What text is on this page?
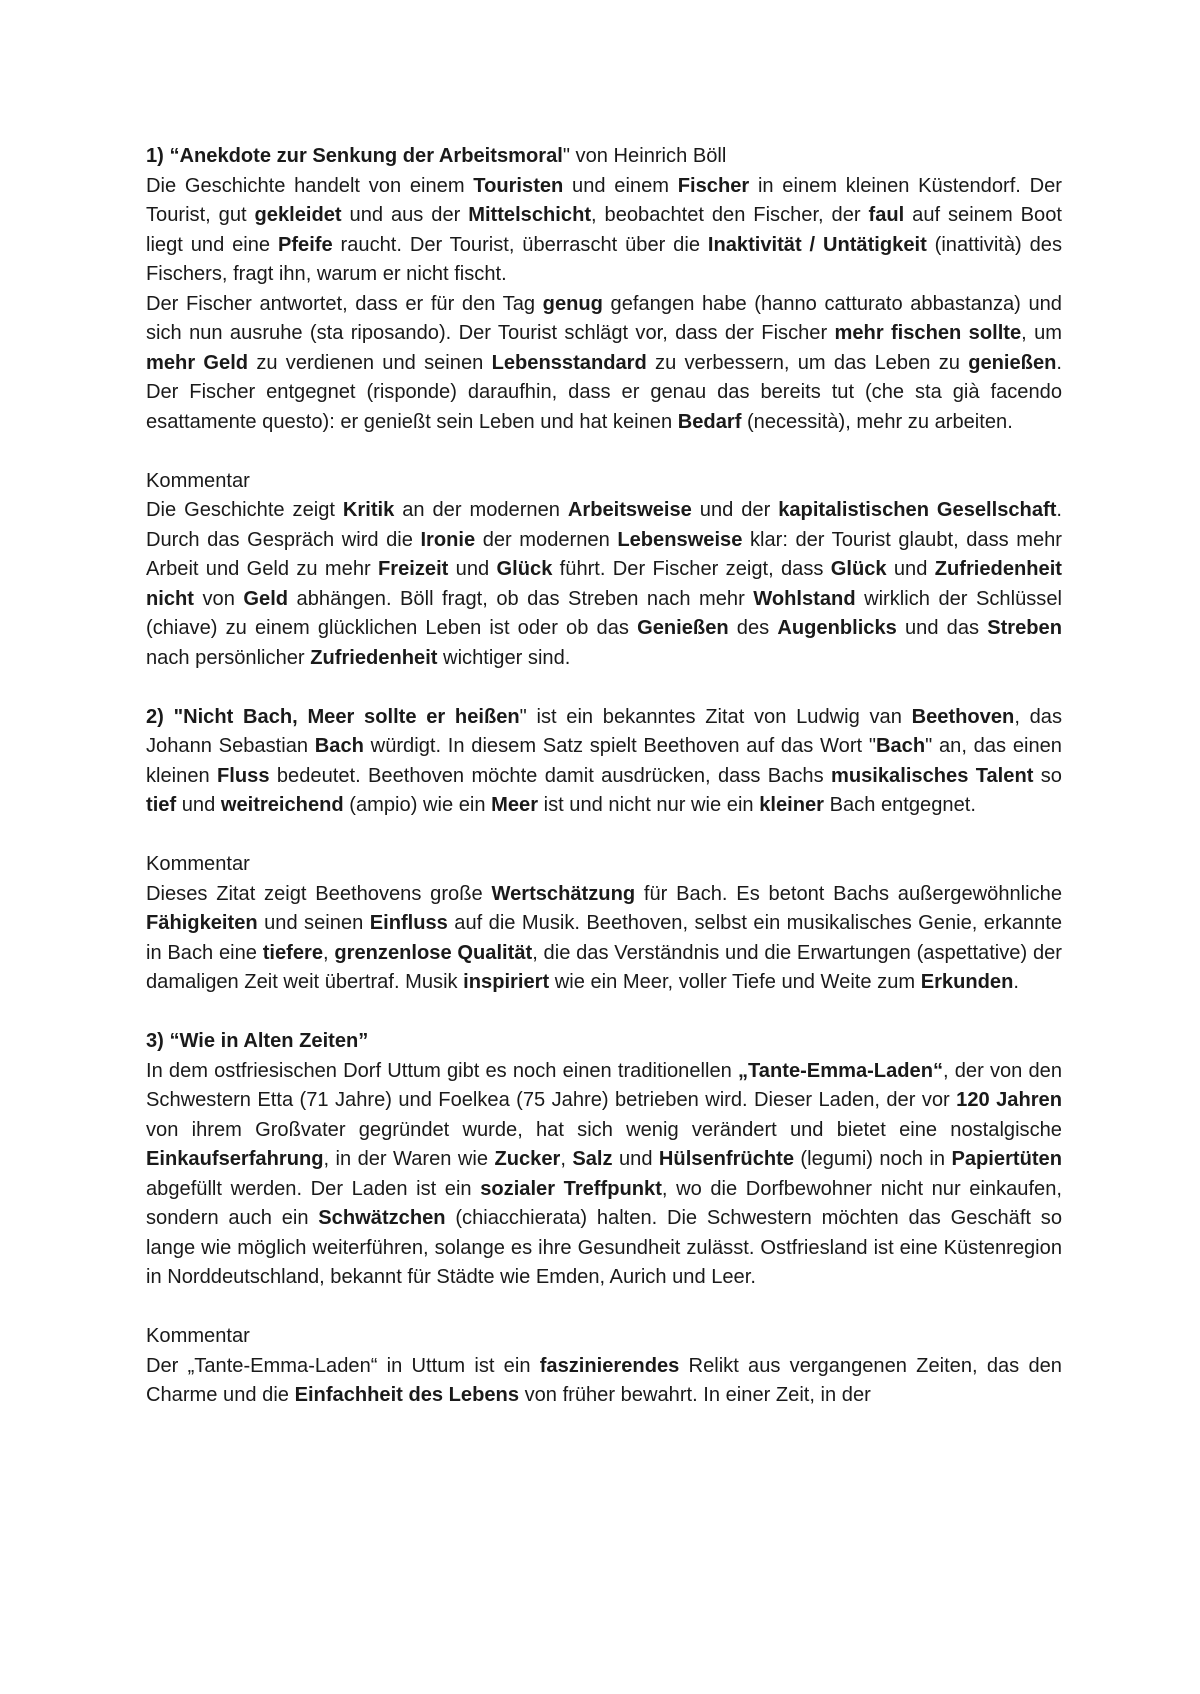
1) “Anekdote zur Senkung der Arbeitsmoral" von Heinrich Böll

Die Geschichte handelt von einem Touristen und einem Fischer in einem kleinen Küstendorf. Der Tourist, gut gekleidet und aus der Mittelschicht, beobachtet den Fischer, der faul auf seinem Boot liegt und eine Pfeife raucht. Der Tourist, überrascht über die Inaktivität / Untätigkeit (inattività) des Fischers, fragt ihn, warum er nicht fischt.

Der Fischer antwortet, dass er für den Tag genug gefangen habe (hanno catturato abbastanza) und sich nun ausruhe (sta riposando). Der Tourist schlägt vor, dass der Fischer mehr fischen sollte, um mehr Geld zu verdienen und seinen Lebensstandard zu verbessern, um das Leben zu genießen. Der Fischer entgegnet (risponde) daraufhin, dass er genau das bereits tut (che sta già facendo esattamente questo): er genießt sein Leben und hat keinen Bedarf (necessità), mehr zu arbeiten.

Kommentar

Die Geschichte zeigt Kritik an der modernen Arbeitsweise und der kapitalistischen Gesellschaft. Durch das Gespräch wird die Ironie der modernen Lebensweise klar: der Tourist glaubt, dass mehr Arbeit und Geld zu mehr Freizeit und Glück führt. Der Fischer zeigt, dass Glück und Zufriedenheit nicht von Geld abhängen. Böll fragt, ob das Streben nach mehr Wohlstand wirklich der Schlüssel (chiave) zu einem glücklichen Leben ist oder ob das Genießen des Augenblicks und das Streben nach persönlicher Zufriedenheit wichtiger sind.

2) "Nicht Bach, Meer sollte er heißen" ist ein bekanntes Zitat von Ludwig van Beethoven, das Johann Sebastian Bach würdigt. In diesem Satz spielt Beethoven auf das Wort "Bach" an, das einen kleinen Fluss bedeutet. Beethoven möchte damit ausdrücken, dass Bachs musikalisches Talent so tief und weitreichend (ampio) wie ein Meer ist und nicht nur wie ein kleiner Bach entgegnet.

Kommentar

Dieses Zitat zeigt Beethovens große Wertschätzung für Bach. Es betont Bachs außergewöhnliche Fähigkeiten und seinen Einfluss auf die Musik. Beethoven, selbst ein musikalisches Genie, erkannte in Bach eine tiefere, grenzenlose Qualität, die das Verständnis und die Erwartungen (aspettative) der damaligen Zeit weit übertraf. Musik inspiriert wie ein Meer, voller Tiefe und Weite zum Erkunden.

3) “Wie in Alten Zeiten”

In dem ostfriesischen Dorf Uttum gibt es noch einen traditionellen „Tante-Emma-Laden“, der von den Schwestern Etta (71 Jahre) und Foelkea (75 Jahre) betrieben wird. Dieser Laden, der vor 120 Jahren von ihrem Großvater gegründet wurde, hat sich wenig verändert und bietet eine nostalgische Einkaufserfahrung, in der Waren wie Zucker, Salz und Hülsenfrüchte (legumi) noch in Papiertüten abgefüllt werden. Der Laden ist ein sozialer Treffpunkt, wo die Dorfbewohner nicht nur einkaufen, sondern auch ein Schwätzchen (chiacchierata) halten. Die Schwestern möchten das Geschäft so lange wie möglich weiterführen, solange es ihre Gesundheit zulässt. Ostfriesland ist eine Küstenregion in Norddeutschland, bekannt für Städte wie Emden, Aurich und Leer.

Kommentar

Der „Tante-Emma-Laden“ in Uttum ist ein faszinierendes Relikt aus vergangenen Zeiten, das den Charme und die Einfachheit des Lebens von früher bewahrt. In einer Zeit, in der
